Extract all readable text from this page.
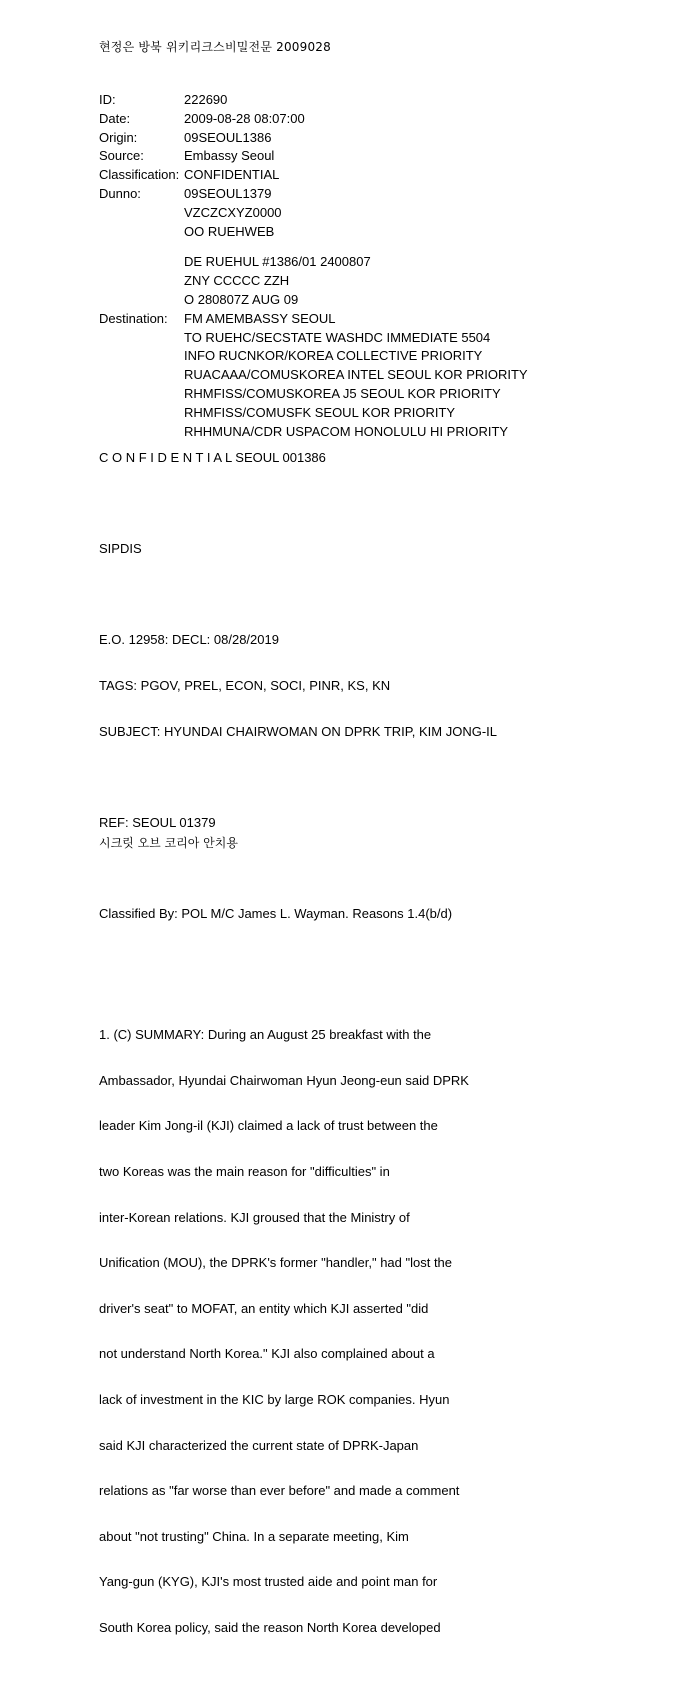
현정은 방북 위키리크스비밀전문 2009028
ID:	222690
Date:	2009-08-28 08:07:00
Origin:	09SEOUL1386
Source:	Embassy Seoul
Classification: CONFIDENTIAL
Dunno:	09SEOUL1379
VZCZCXYZ0000
OO RUEHWEB
DE RUEHUL #1386/01 2400807
ZNY CCCCC ZZH
O 280807Z AUG 09
Destination:	FM AMEMBASSY SEOUL
TO RUEHC/SECSTATE WASHDC IMMEDIATE 5504
INFO RUCNKOR/KOREA COLLECTIVE PRIORITY
RUACAAA/COMUSKOREA INTEL SEOUL KOR PRIORITY
RHMFISS/COMUSKOREA J5 SEOUL KOR PRIORITY
RHMFISS/COMUSFK SEOUL KOR PRIORITY
RHHMUNA/CDR USPACOM HONOLULU HI PRIORITY

C O N F I D E N T I A L SEOUL 001386

SIPDIS

E.O. 12958: DECL: 08/28/2019

TAGS: PGOV, PREL, ECON, SOCI, PINR, KS, KN

SUBJECT: HYUNDAI CHAIRWOMAN ON DPRK TRIP, KIM JONG-IL

REF: SEOUL 01379

Classified By: POL M/C James L. Wayman. Reasons 1.4(b/d)

1. (C) SUMMARY: During an August 25 breakfast with the

Ambassador, Hyundai Chairwoman Hyun Jeong-eun said DPRK

leader Kim Jong-il (KJI) claimed a lack of trust between the

two Koreas was the main reason for "difficulties" in

inter-Korean relations. KJI groused that the Ministry of

Unification (MOU), the DPRK's former "handler," had "lost the

driver's seat" to MOFAT, an entity which KJI asserted "did

not understand North Korea." KJI also complained about a

lack of investment in the KIC by large ROK companies. Hyun

said KJI characterized the current state of DPRK-Japan

relations as "far worse than ever before" and made a comment

about "not trusting" China. In a separate meeting, Kim

Yang-gun (KYG), KJI's most trusted aide and point man for

South Korea policy, said the reason North Korea developed

시크릿 오브 코리아 안치용
